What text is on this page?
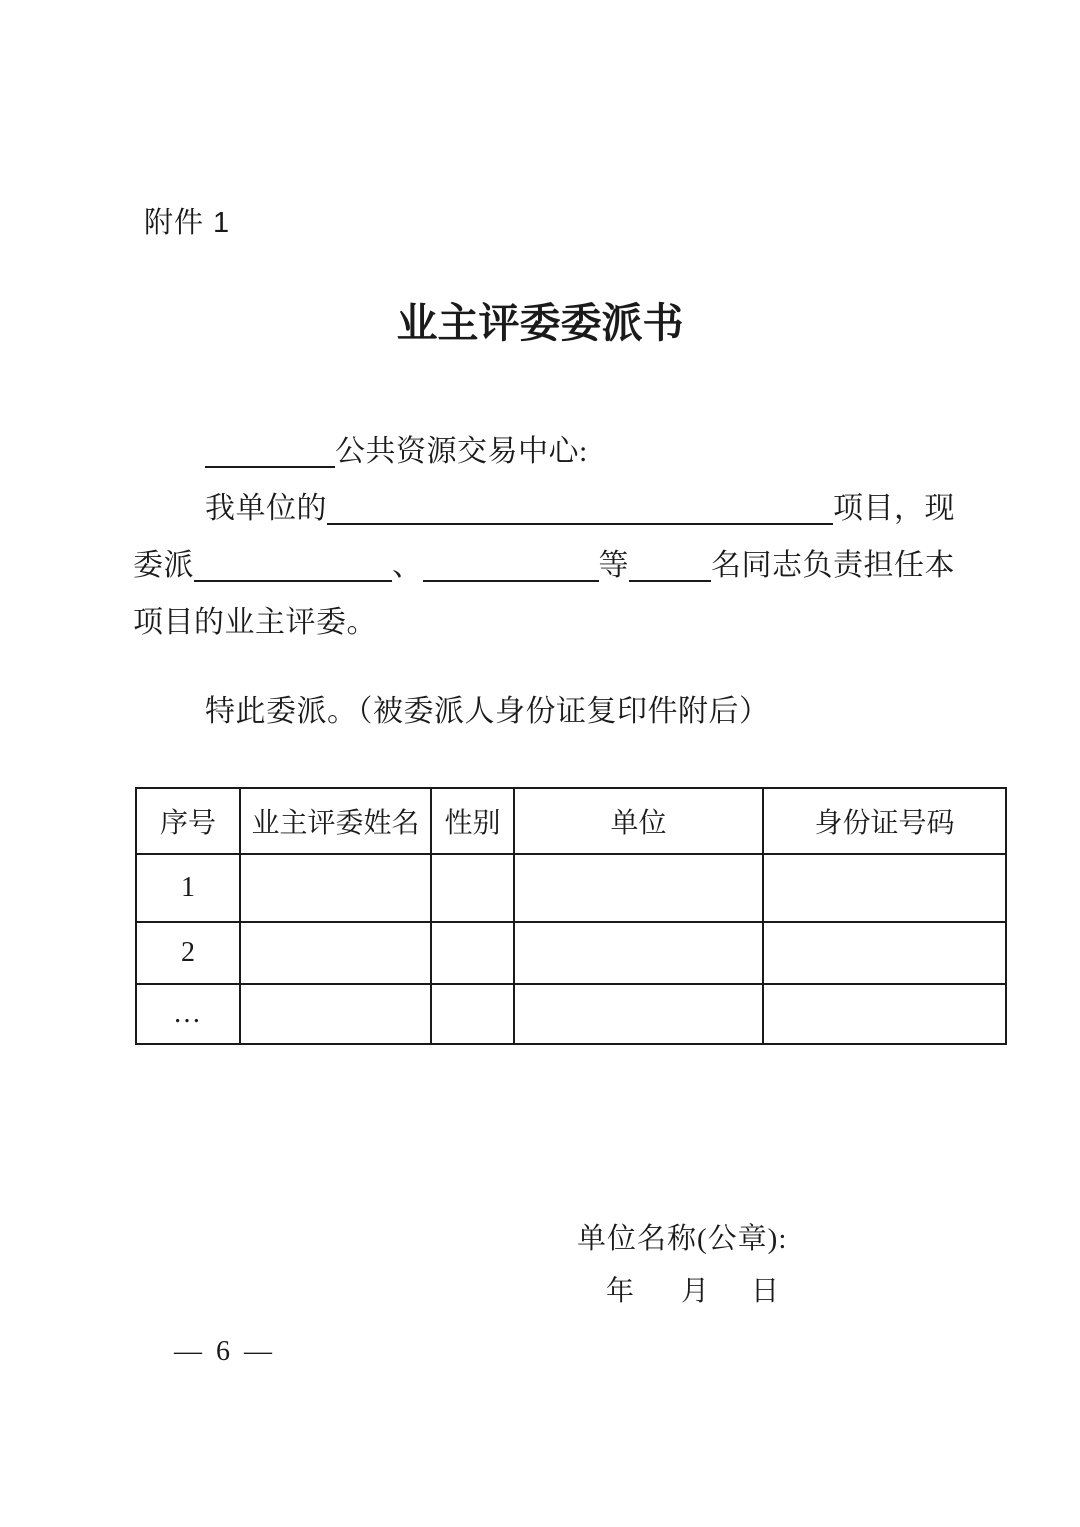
附件 1
业主评委委派书
公共资源交易中心:
我单位的	项目，现
委派	、	等	名同志负责担任本
项目的业主评委。
特此委派。（被委派人身份证复印件附后）
序号	业主评委姓名	性别	单位	身份证号码
1				
2				
…				
单位名称(公章):
年 月 日
— 6 —
